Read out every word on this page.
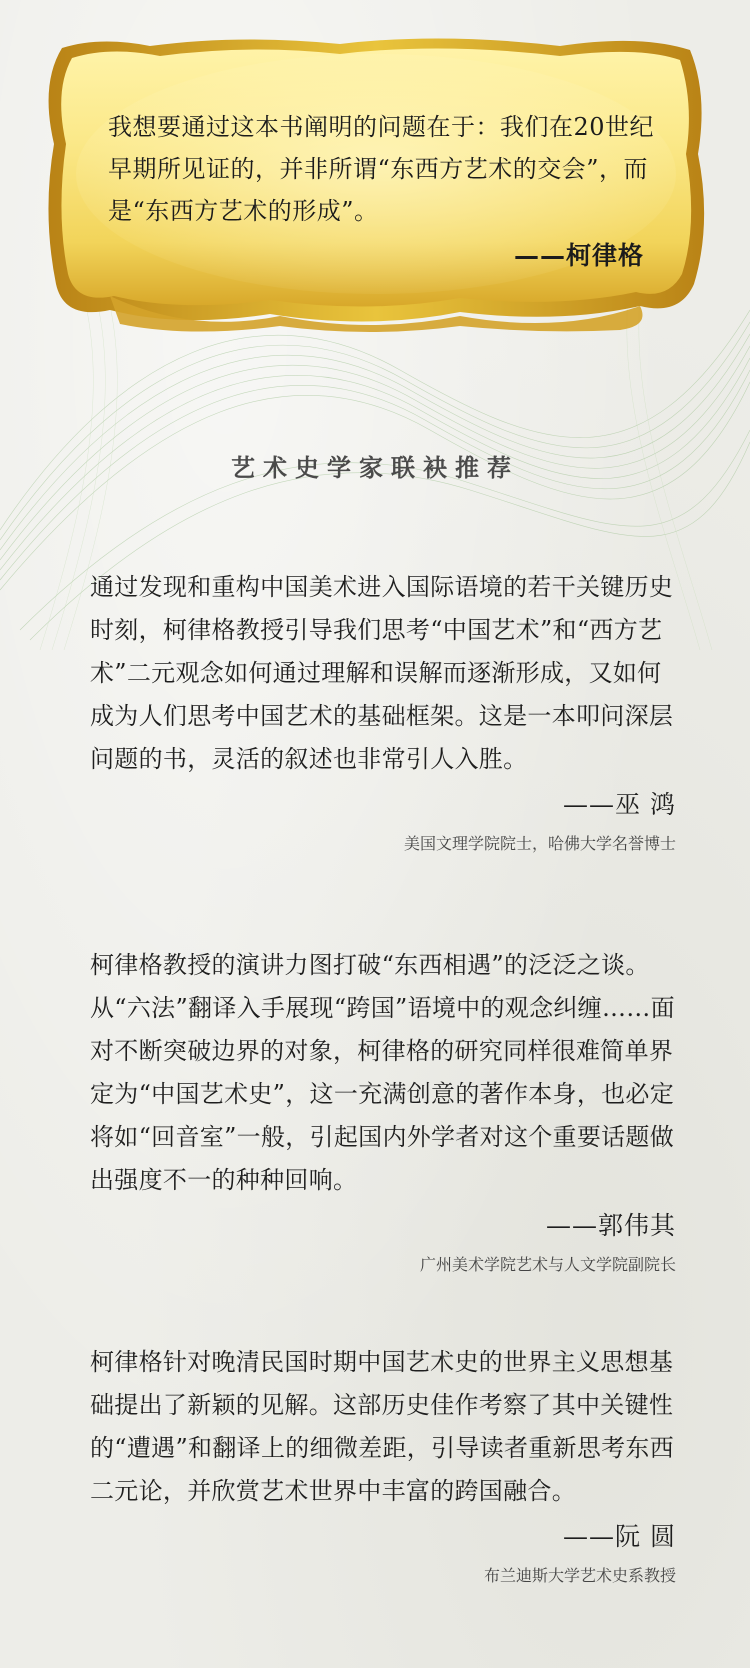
我想要通过这本书阐明的问题在于：我们在20世纪早期所见证的，并非所谓“东西方艺术的交会”，而是“东西方艺术的形成”。

——柯律格
艺术史学家联袂推荐

通过发现和重构中国美术进入国际语境的若干关键历史时刻，柯律格教授引导我们思考“中国艺术”和“西方艺术”二元观念如何通过理解和误解而逐渐形成，又如何成为人们思考中国艺术的基础框架。这是一本叩问深层问题的书，灵活的叙述也非常引人入胜。

——巫 鸿
美国文理学院院士，哈佛大学名誉博士

柯律格教授的演讲力图打破“东西相遇”的泛泛之谈。从“六法”翻译入手展现“跨国”语境中的观念纠缠……面对不断突破边界的对象，柯律格的研究同样很难简单界定为“中国艺术史”，这一充满创意的著作本身，也必定将如“回音室”一般，引起国内外学者对这个重要话题做出强度不一的种种回响。

——郭伟其
广州美术学院艺术与人文学院副院长

柯律格针对晚清民国时期中国艺术史的世界主义思想基础提出了新颖的见解。这部历史佳作考察了其中关键性的“遭遇”和翻译上的细微差距，引导读者重新思考东西二元论，并欣赏艺术世界中丰富的跨国融合。

——阮 圆
布兰迪斯大学艺术史系教授
